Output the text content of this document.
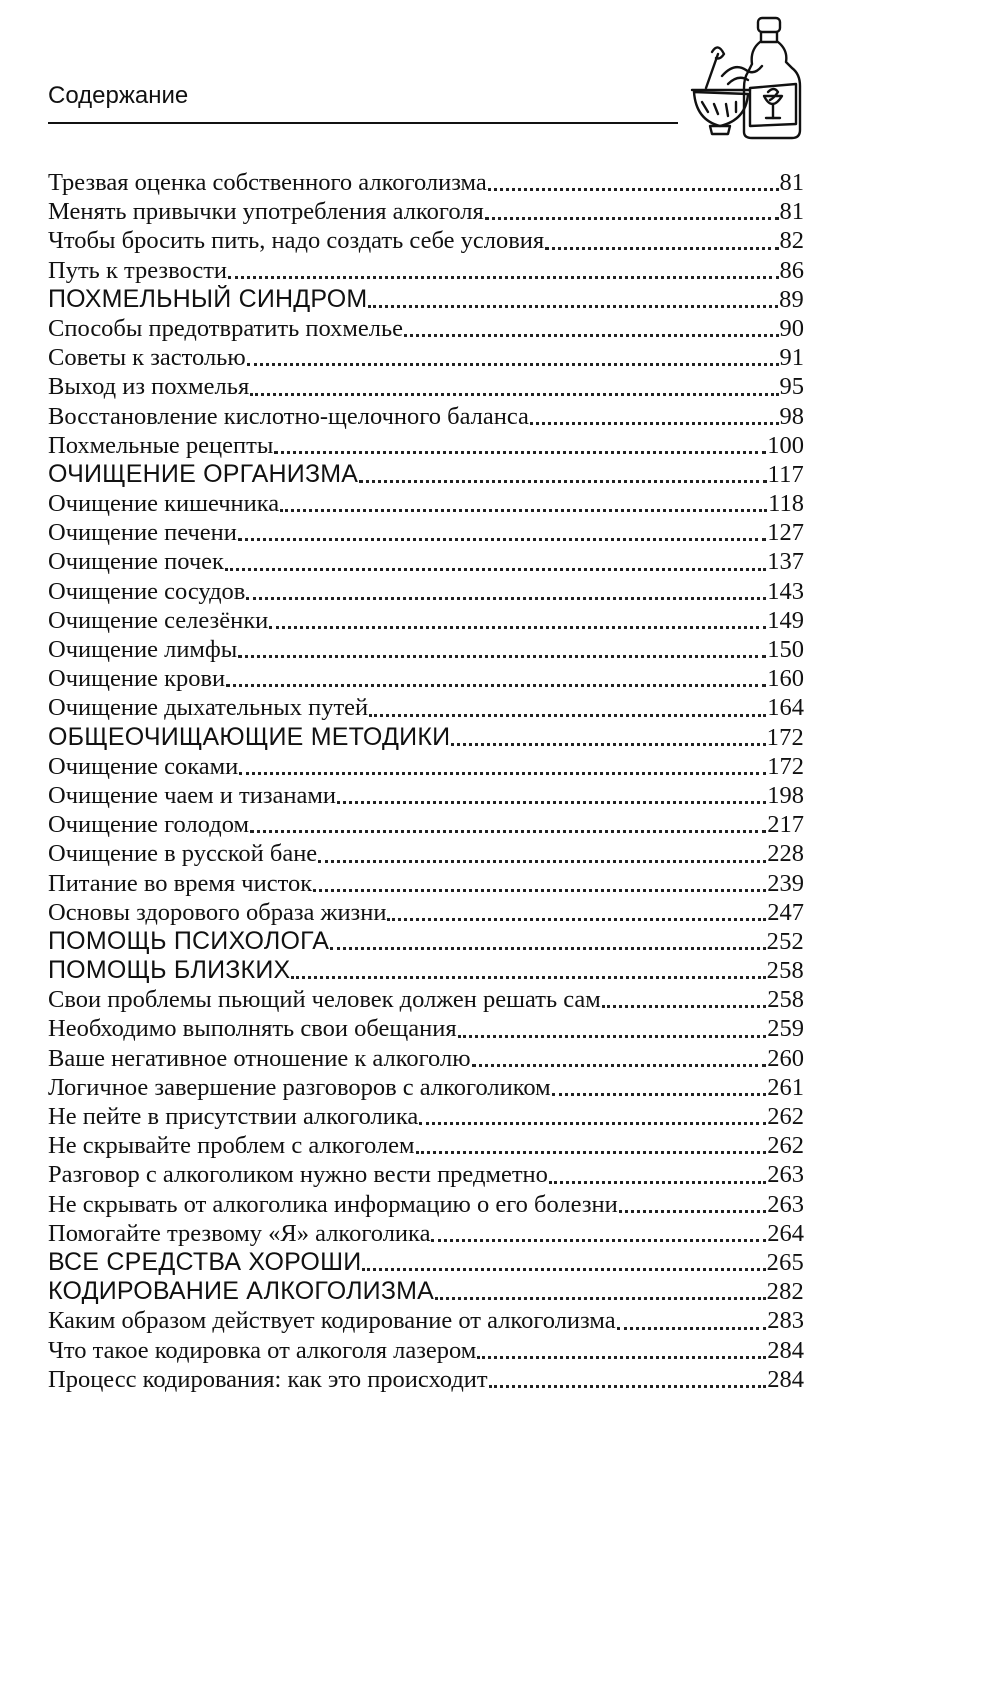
Содержание
Трезвая оценка собственного алкоголизма	81
Менять привычки употребления алкоголя	81
Чтобы бросить пить, надо создать себе условия	82
Путь к трезвости	86
ПОХМЕЛЬНЫЙ СИНДРОМ	89
Способы предотвратить похмелье	90
Советы к застолью	91
Выход из похмелья	95
Восстановление кислотно-щелочного баланса	98
Похмельные рецепты	100
ОЧИЩЕНИЕ ОРГАНИЗМА	117
Очищение кишечника	118
Очищение печени	127
Очищение почек	137
Очищение сосудов	143
Очищение селезёнки	149
Очищение лимфы	150
Очищение крови	160
Очищение дыхательных путей	164
ОБЩЕОЧИЩАЮЩИЕ МЕТОДИКИ	172
Очищение соками	172
Очищение чаем и тизанами	198
Очищение голодом	217
Очищение в русской бане	228
Питание во время чисток	239
Основы здорового образа жизни	247
ПОМОЩЬ ПСИХОЛОГА	252
ПОМОЩЬ БЛИЗКИХ	258
Свои проблемы пьющий человек должен решать сам	258
Необходимо выполнять свои обещания	259
Ваше негативное отношение к алкоголю	260
Логичное завершение разговоров с алкоголиком	261
Не пейте в присутствии алкоголика	262
Не скрывайте проблем с алкоголем	262
Разговор с алкоголиком нужно вести предметно	263
Не скрывать от алкоголика информацию о его болезни	263
Помогайте трезвому «Я» алкоголика	264
ВСЕ СРЕДСТВА ХОРОШИ	265
КОДИРОВАНИЕ АЛКОГОЛИЗМА	282
Каким образом действует кодирование от алкоголизма	283
Что такое кодировка от алкоголя лазером	284
Процесс кодирования: как это происходит	284
